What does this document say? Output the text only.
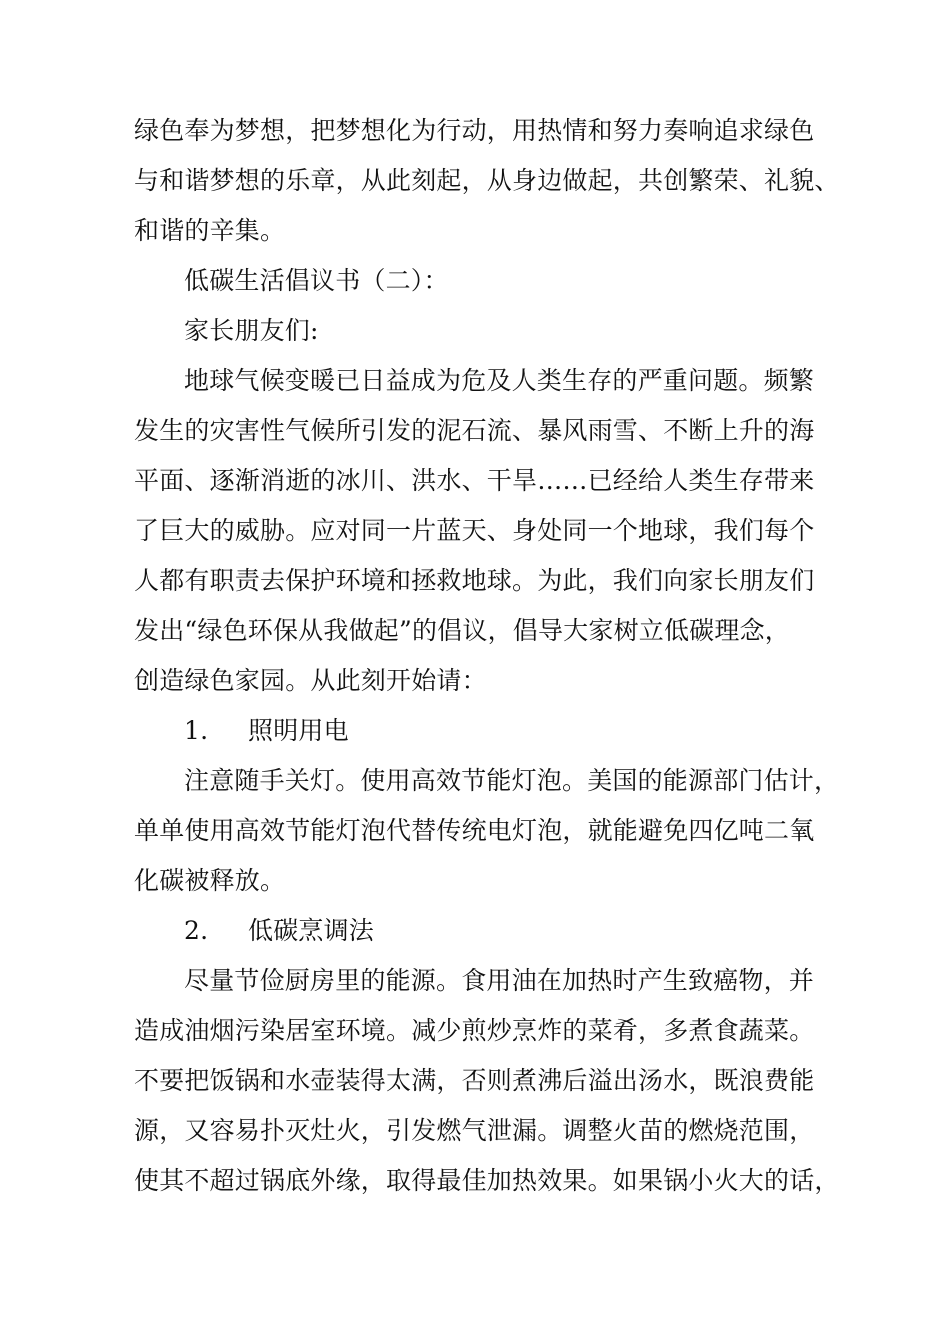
绿色奉为梦想，把梦想化为行动，用热情和努力奏响追求绿色
与和谐梦想的乐章，从此刻起，从身边做起，共创繁荣、礼貌、
和谐的辛集。
低碳生活倡议书（二）：
家长朋友们:
地球气候变暖已日益成为危及人类生存的严重问题。频繁
发生的灾害性气候所引发的泥石流、暴风雨雪、不断上升的海
平面、逐渐消逝的冰川、洪水、干旱……已经给人类生存带来
了巨大的威胁。应对同一片蓝天、身处同一个地球，我们每个
人都有职责去保护环境和拯救地球。为此，我们向家长朋友们
发出“绿色环保从我做起”的倡议，倡导大家树立低碳理念，
创造绿色家园。从此刻开始请：
1. 照明用电
注意随手关灯。使用高效节能灯泡。美国的能源部门估计，
单单使用高效节能灯泡代替传统电灯泡，就能避免四亿吨二氧
化碳被释放。
2. 低碳烹调法
尽量节俭厨房里的能源。食用油在加热时产生致癌物，并
造成油烟污染居室环境。减少煎炒烹炸的菜肴，多煮食蔬菜。
不要把饭锅和水壶装得太满，否则煮沸后溢出汤水，既浪费能
源，又容易扑灭灶火，引发燃气泄漏。调整火苗的燃烧范围，
使其不超过锅底外缘，取得最佳加热效果。如果锅小火大的话，
